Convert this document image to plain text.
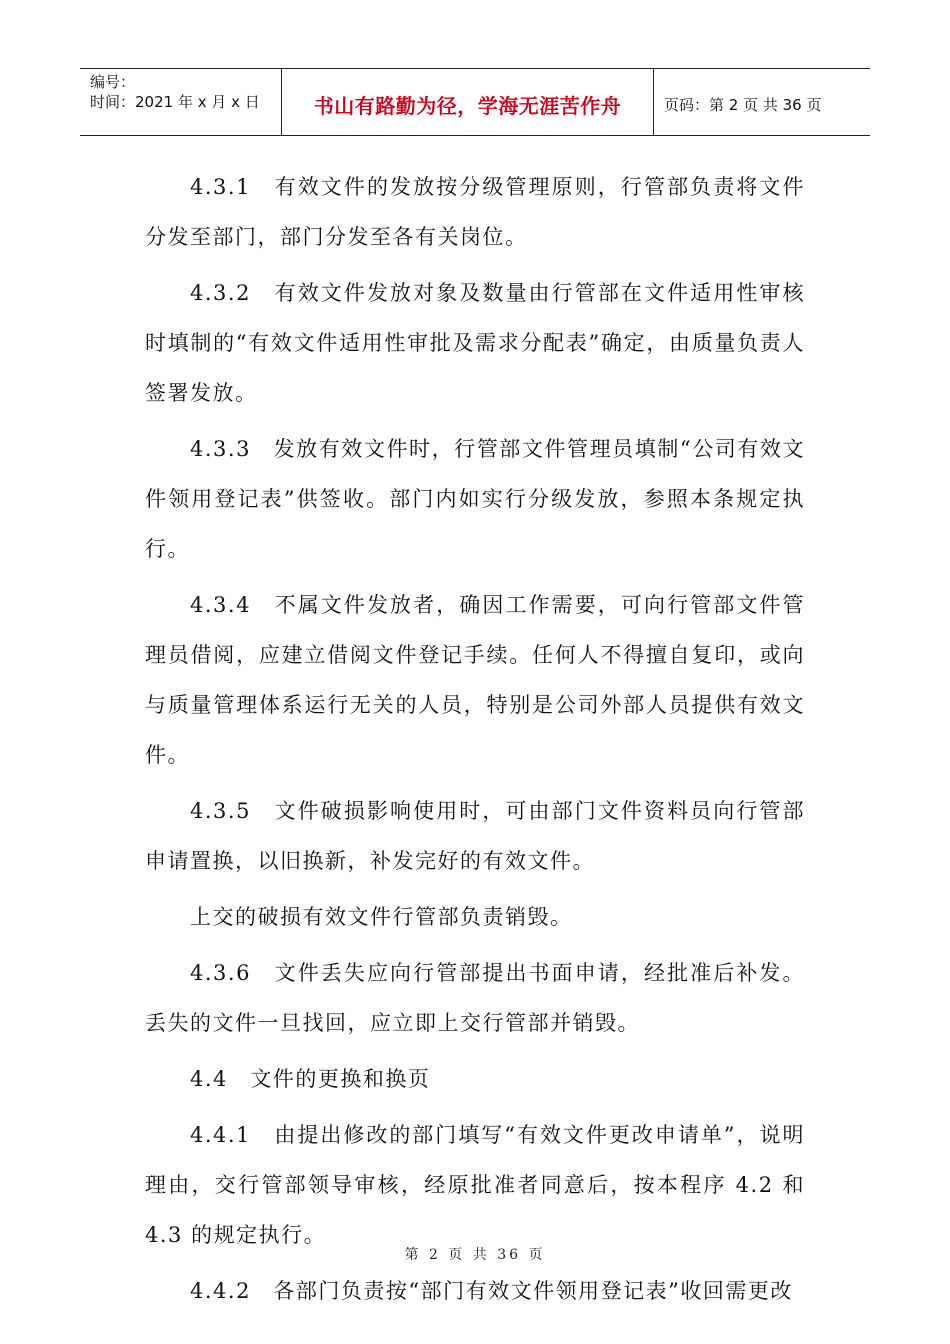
编号：
时间：2021 年 x 月 x 日	书山有路勤为径，学海无涯苦作舟	页码：第 2 页 共 36 页

4.3.1　有效文件的发放按分级管理原则，行管部负责将文件分发至部门，部门分发至各有关岗位。

4.3.2　有效文件发放对象及数量由行管部在文件适用性审核时填制的“有效文件适用性审批及需求分配表”确定，由质量负责人签署发放。

4.3.3　发放有效文件时，行管部文件管理员填制“公司有效文件领用登记表”供签收。部门内如实行分级发放，参照本条规定执行。

4.3.4　不属文件发放者，确因工作需要，可向行管部文件管理员借阅，应建立借阅文件登记手续。任何人不得擅自复印，或向与质量管理体系运行无关的人员，特别是公司外部人员提供有效文件。

4.3.5　文件破损影响使用时，可由部门文件资料员向行管部申请置换，以旧换新，补发完好的有效文件。

上交的破损有效文件行管部负责销毁。

4.3.6　文件丢失应向行管部提出书面申请，经批准后补发。丢失的文件一旦找回，应立即上交行管部并销毁。

4.4　文件的更换和换页

4.4.1　由提出修改的部门填写“有效文件更改申请单”，说明理由，交行管部领导审核，经原批准者同意后，按本程序 4.2 和 4.3 的规定执行。

4.4.2　各部门负责按“部门有效文件领用登记表”收回需更改

第 2 页 共 36 页
